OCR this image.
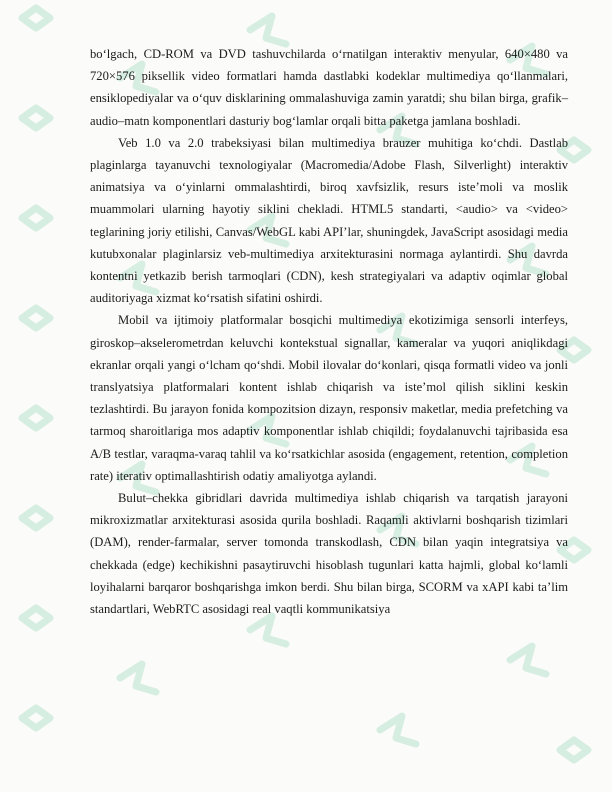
bo‘lgach, CD-ROM va DVD tashuvchilarda o‘rnatilgan interaktiv menyular, 640×480 va 720×576 piksellik video formatlari hamda dastlabki kodeklar multimediya qo‘llanmalari, ensiklopediyalar va o‘quv disklarining ommalashuviga zamin yaratdi; shu bilan birga, grafik–audio–matn komponentlari dasturiy bog‘lamlar orqali bitta paketga jamlana boshladi.

Veb 1.0 va 2.0 trabeksiyasi bilan multimediya brauzer muhitiga ko‘chdi. Dastlab plaginlarga tayanuvchi texnologiyalar (Macromedia/Adobe Flash, Silverlight) interaktiv animatsiya va o‘yinlarni ommalashtirdi, biroq xavfsizlik, resurs iste’moli va moslik muammolari ularning hayotiy siklini chekladi. HTML5 standarti, <audio> va <video> teglarining joriy etilishi, Canvas/WebGL kabi API’lar, shuningdek, JavaScript asosidagi media kutubxonalar plaginlarsiz veb-multimediya arxitekturasini normaga aylantirdi. Shu davrda kontentni yetkazib berish tarmoqlari (CDN), kesh strategiyalari va adaptiv oqimlar global auditoriyaga xizmat ko‘rsatish sifatini oshirdi.

Mobil va ijtimoiy platformalar bosqichi multimediya ekotizimiga sensorli interfeys, giroskop–akselerometrdan keluvchi kontekstual signallar, kameralar va yuqori aniqlikdagi ekranlar orqali yangi o‘lcham qo‘shdi. Mobil ilovalar do‘konlari, qisqa formatli video va jonli translyatsiya platformalari kontent ishlab chiqarish va iste’mol qilish siklini keskin tezlashtirdi. Bu jarayon fonida kompozitsion dizayn, responsiv maketlar, media prefetching va tarmoq sharoitlariga mos adaptiv komponentlar ishlab chiqildi; foydalanuvchi tajribasida esa A/B testlar, varaqma-varaq tahlil va ko‘rsatkichlar asosida (engagement, retention, completion rate) iterativ optimallashtirish odatiy amaliyotga aylandi.

Bulut–chekka gibridlari davrida multimediya ishlab chiqarish va tarqatish jarayoni mikroxizmatlar arxitekturasi asosida qurila boshladi. Raqamli aktivlarni boshqarish tizimlari (DAM), render-farmalar, server tomonda transkodlash, CDN bilan yaqin integratsiya va chekkada (edge) kechikishni pasaytiruvchi hisoblash tugunlari katta hajmli, global ko‘lamli loyihalarni barqaror boshqarishga imkon berdi. Shu bilan birga, SCORM va xAPI kabi ta’lim standartlari, WebRTC asosidagi real vaqtli kommunikatsiya
